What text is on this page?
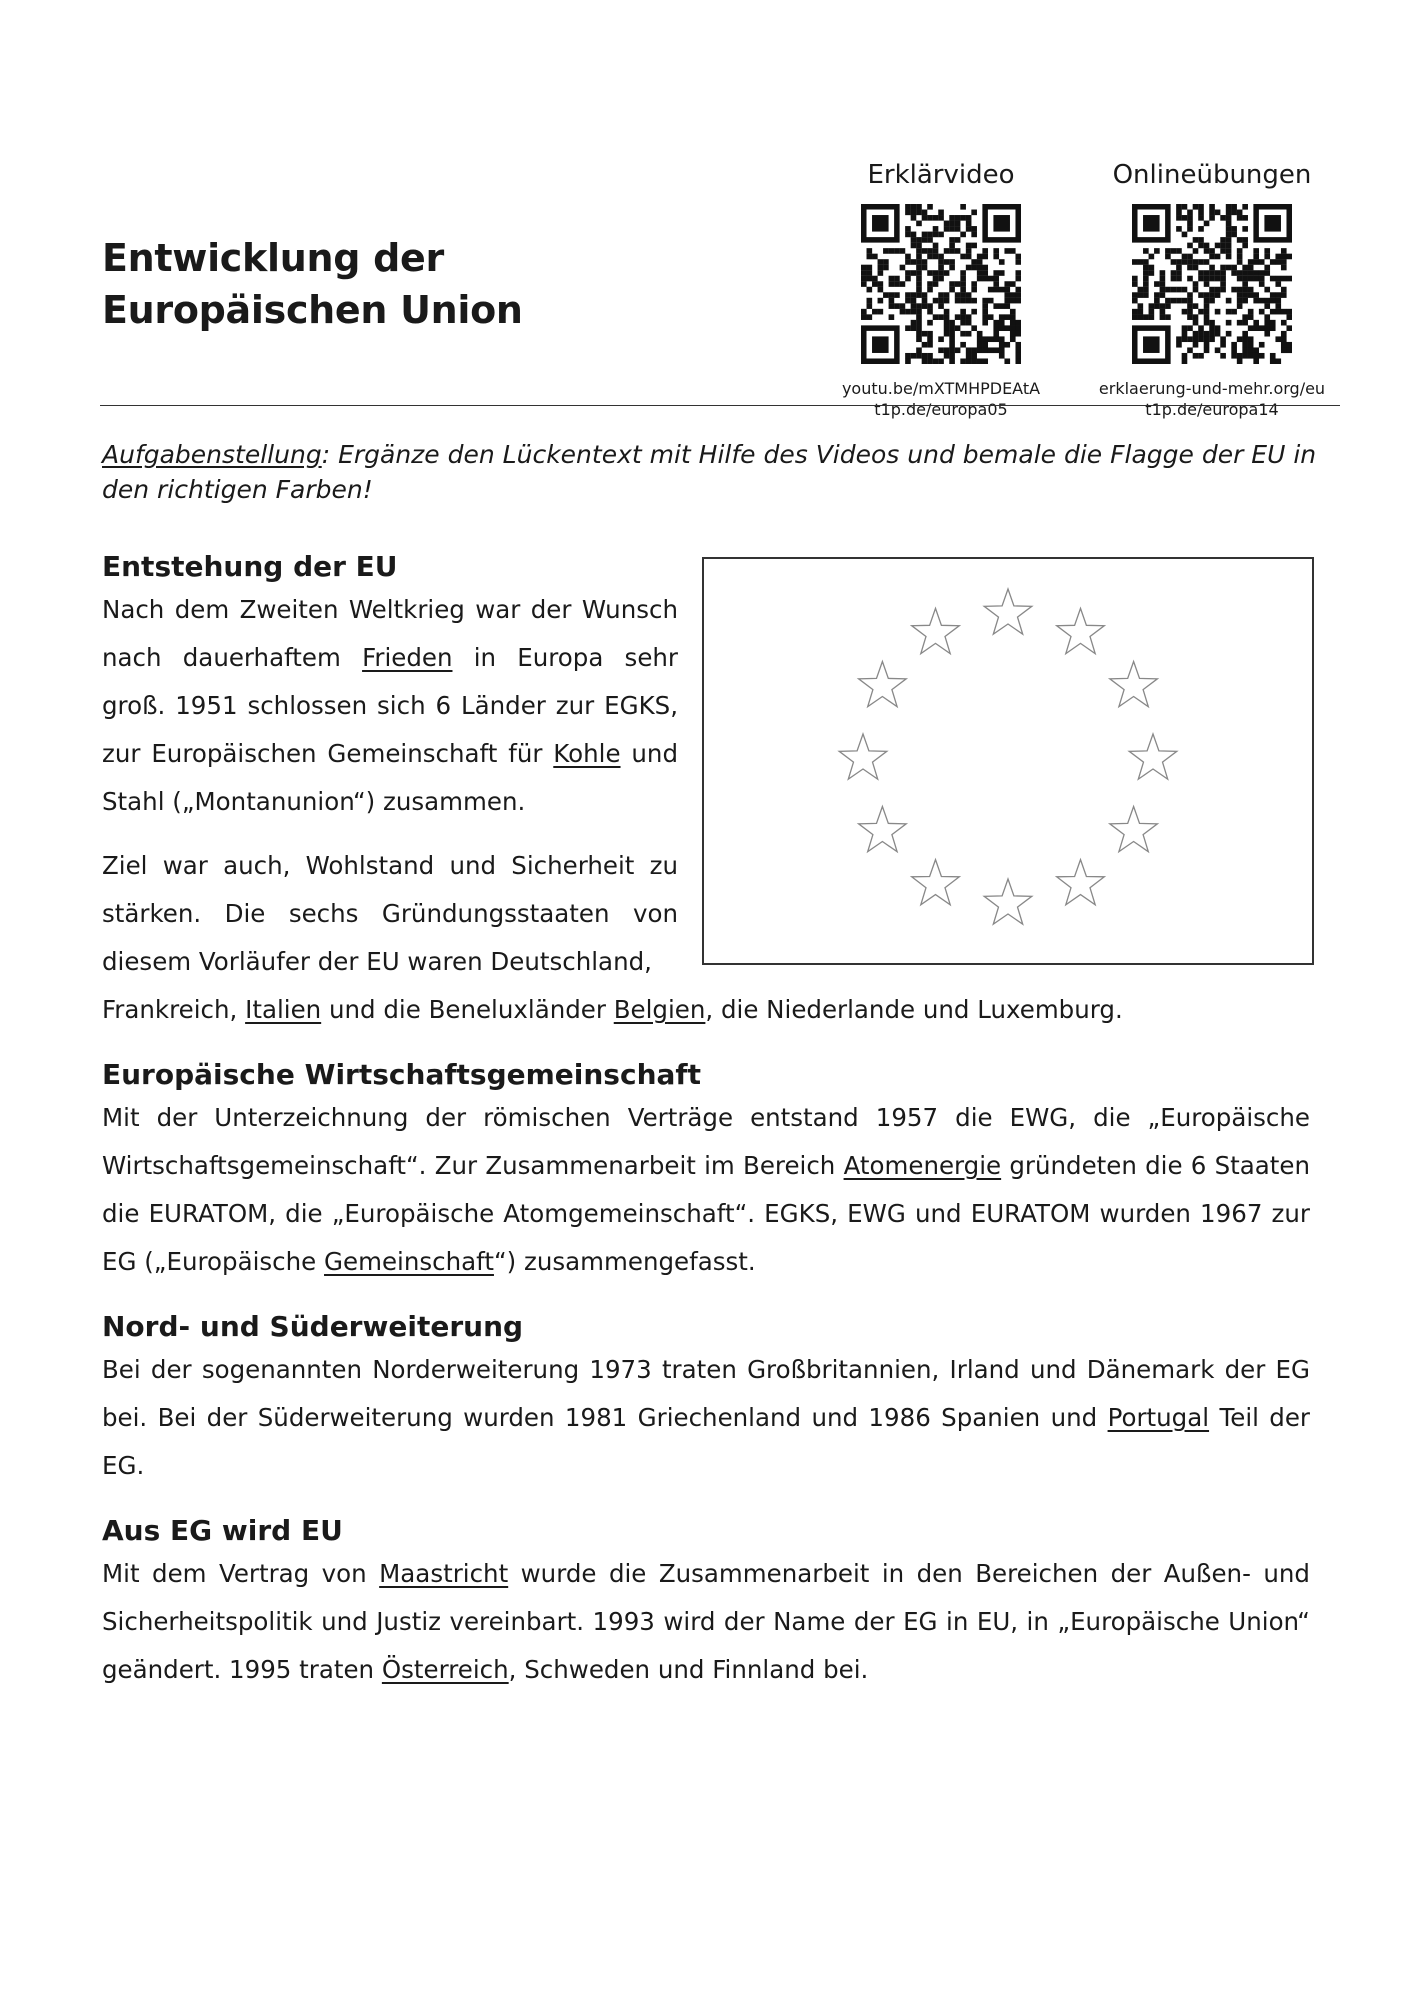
Entwicklung der
Europäischen Union
Erklärvideo
youtu.be/mXTMHPDEAtA
t1p.de/europa05
Onlineübungen
erklaerung-und-mehr.org/eu
t1p.de/europa14

Aufgabenstellung: Ergänze den Lückentext mit Hilfe des Videos und bemale die Flagge der EU in den richtigen Farben!

Entstehung der EU

Nach dem Zweiten Weltkrieg war der Wunsch nach dauerhaftem Frieden in Europa sehr groß. 1951 schlossen sich 6 Länder zur EGKS, zur Europäischen Gemeinschaft für Kohle und Stahl („Montanunion“) zusammen.

Ziel war auch, Wohlstand und Sicherheit zu stärken. Die sechs Gründungsstaaten von diesem Vorläufer der EU waren Deutschland,

Frankreich, Italien und die Beneluxländer Belgien, die Niederlande und Luxemburg.

Europäische Wirtschaftsgemeinschaft

Mit der Unterzeichnung der römischen Verträge entstand 1957 die EWG, die „Europäische Wirtschaftsgemeinschaft“. Zur Zusammenarbeit im Bereich Atomenergie gründeten die 6 Staaten die EURATOM, die „Europäische Atomgemeinschaft“. EGKS, EWG und EURATOM wurden 1967 zur EG („Europäische Gemeinschaft“) zusammengefasst.

Nord- und Süderweiterung

Bei der sogenannten Norderweiterung 1973 traten Großbritannien, Irland und Dänemark der EG bei. Bei der Süderweiterung wurden 1981 Griechenland und 1986 Spanien und Portugal Teil der EG.

Aus EG wird EU

Mit dem Vertrag von Maastricht wurde die Zusammenarbeit in den Bereichen der Außen- und Sicherheitspolitik und Justiz vereinbart. 1993 wird der Name der EG in EU, in „Europäische Union“ geändert. 1995 traten Österreich, Schweden und Finnland bei.
